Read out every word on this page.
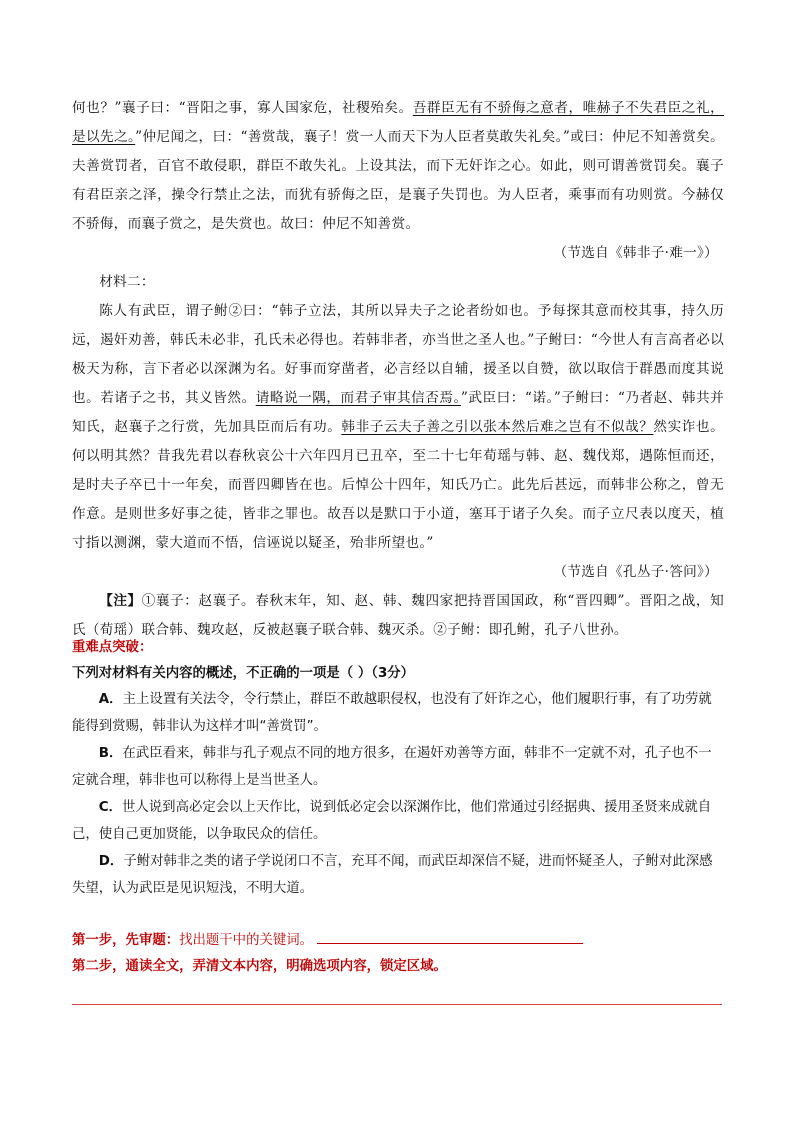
何也？”襄子曰：“晋阳之事，寡人国家危，社稷殆矣。吾群臣无有不骄侮之意者，唯赫子不失君臣之礼，是以先之。”仲尼闻之，曰：“善赏哉，襄子！赏一人而天下为人臣者莫敢失礼矣。”或曰：仲尼不知善赏矣。夫善赏罚者，百官不敢侵职，群臣不敢失礼。上设其法，而下无奸诈之心。如此，则可谓善赏罚矣。襄子有君臣亲之泽，操令行禁止之法，而犹有骄侮之臣，是襄子失罚也。为人臣者，乘事而有功则赏。今赫仅不骄侮，而襄子赏之，是失赏也。故曰：仲尼不知善赏。

（节选自《韩非子·难一》）

材料二：

陈人有武臣，谓子鲋②曰：“韩子立法，其所以异夫子之论者纷如也。予每探其意而校其事，持久历远，遏奸劝善，韩氏未必非，孔氏未必得也。若韩非者，亦当世之圣人也。”子鲋曰：“今世人有言高者必以极天为称，言下者必以深渊为名。好事而穿凿者，必言经以自辅，援圣以自赞，欲以取信于群愚而度其说也。若诸子之书，其义皆然。请略说一隅，而君子审其信否焉。”武臣曰：“诺。”子鲋曰：“乃者赵、韩共并知氏，赵襄子之行赏，先加具臣而后有功。韩非子云夫子善之引以张本然后难之岂有不似哉？然实诈也。何以明其然？昔我先君以春秋哀公十六年四月已丑卒，至二十七年荀瑶与韩、赵、魏伐郑，遇陈恒而还，是时夫子卒已十一年矣，而晋四卿皆在也。后悼公十四年，知氏乃亡。此先后甚远，而韩非公称之，曾无作意。是则世多好事之徒，皆非之罪也。故吾以是默口于小道，塞耳于诸子久矣。而子立尺表以度天，植寸指以测渊，蒙大道而不悟，信诬说以疑圣，殆非所望也。”

（节选自《孔丛子·答问》）

【注】①襄子：赵襄子。春秋末年，知、赵、韩、魏四家把持晋国国政，称“晋四卿”。晋阳之战，知氏（荀瑶）联合韩、魏攻赵，反被赵襄子联合韩、魏灭杀。②子鲋：即孔鲋，孔子八世孙。

重难点突破：

下列对材料有关内容的概述，不正确的一项是（ ）（3分）

A．主上设置有关法令，令行禁止，群臣不敢越职侵权，也没有了奸诈之心，他们履职行事，有了功劳就能得到赏赐，韩非认为这样才叫“善赏罚”。

B．在武臣看来，韩非与孔子观点不同的地方很多，在遏奸劝善等方面，韩非不一定就不对，孔子也不一定就合理，韩非也可以称得上是当世圣人。

C．世人说到高必定会以上天作比，说到低必定会以深渊作比，他们常通过引经据典、援用圣贤来成就自己，使自己更加贤能，以争取民众的信任。

D．子鲋对韩非之类的诸子学说闭口不言，充耳不闻，而武臣却深信不疑，进而怀疑圣人，子鲋对此深感失望，认为武臣是见识短浅，不明大道。

第一步，先审题：找出题干中的关键词。

第二步，通读全文，弄清文本内容，明确选项内容，锁定区域。
